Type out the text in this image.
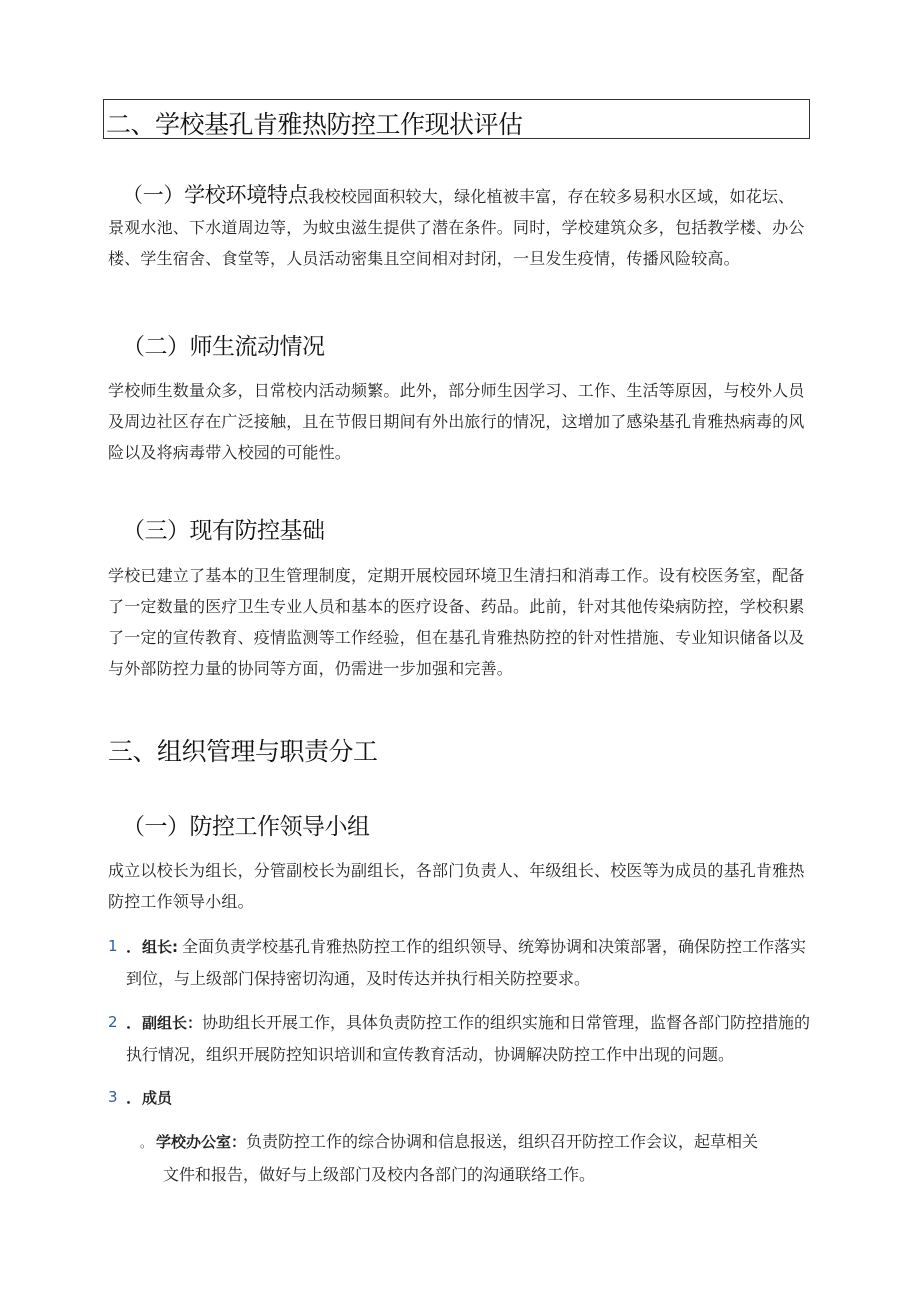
二、学校基孔肯雅热防控工作现状评估
（一）学校环境特点我校校园面积较大，绿化植被丰富，存在较多易积水区域，如花坛、景观水池、下水道周边等，为蚊虫滋生提供了潜在条件。同时，学校建筑众多，包括教学楼、办公楼、学生宿舍、食堂等，人员活动密集且空间相对封闭，一旦发生疫情，传播风险较高。
（二）师生流动情况
学校师生数量众多，日常校内活动频繁。此外，部分师生因学习、工作、生活等原因，与校外人员及周边社区存在广泛接触，且在节假日期间有外出旅行的情况，这增加了感染基孔肯雅热病毒的风险以及将病毒带入校园的可能性。
（三）现有防控基础
学校已建立了基本的卫生管理制度，定期开展校园环境卫生清扫和消毒工作。设有校医务室，配备了一定数量的医疗卫生专业人员和基本的医疗设备、药品。此前，针对其他传染病防控，学校积累了一定的宣传教育、疫情监测等工作经验，但在基孔肯雅热防控的针对性措施、专业知识储备以及与外部防控力量的协同等方面，仍需进一步加强和完善。
三、组织管理与职责分工
（一）防控工作领导小组
成立以校长为组长，分管副校长为副组长，各部门负责人、年级组长、校医等为成员的基孔肯雅热防控工作领导小组。
1 ．组长: 全面负责学校基孔肯雅热防控工作的组织领导、统筹协调和决策部署，确保防控工作落实到位，与上级部门保持密切沟通，及时传达并执行相关防控要求。
2 ．副组长：协助组长开展工作，具体负责防控工作的组织实施和日常管理，监督各部门防控措施的执行情况，组织开展防控知识培训和宣传教育活动，协调解决防控工作中出现的问题。
3 ．成员
。 学校办公室：负责防控工作的综合协调和信息报送，组织召开防控工作会议，起草相关
文件和报告，做好与上级部门及校内各部门的沟通联络工作。
